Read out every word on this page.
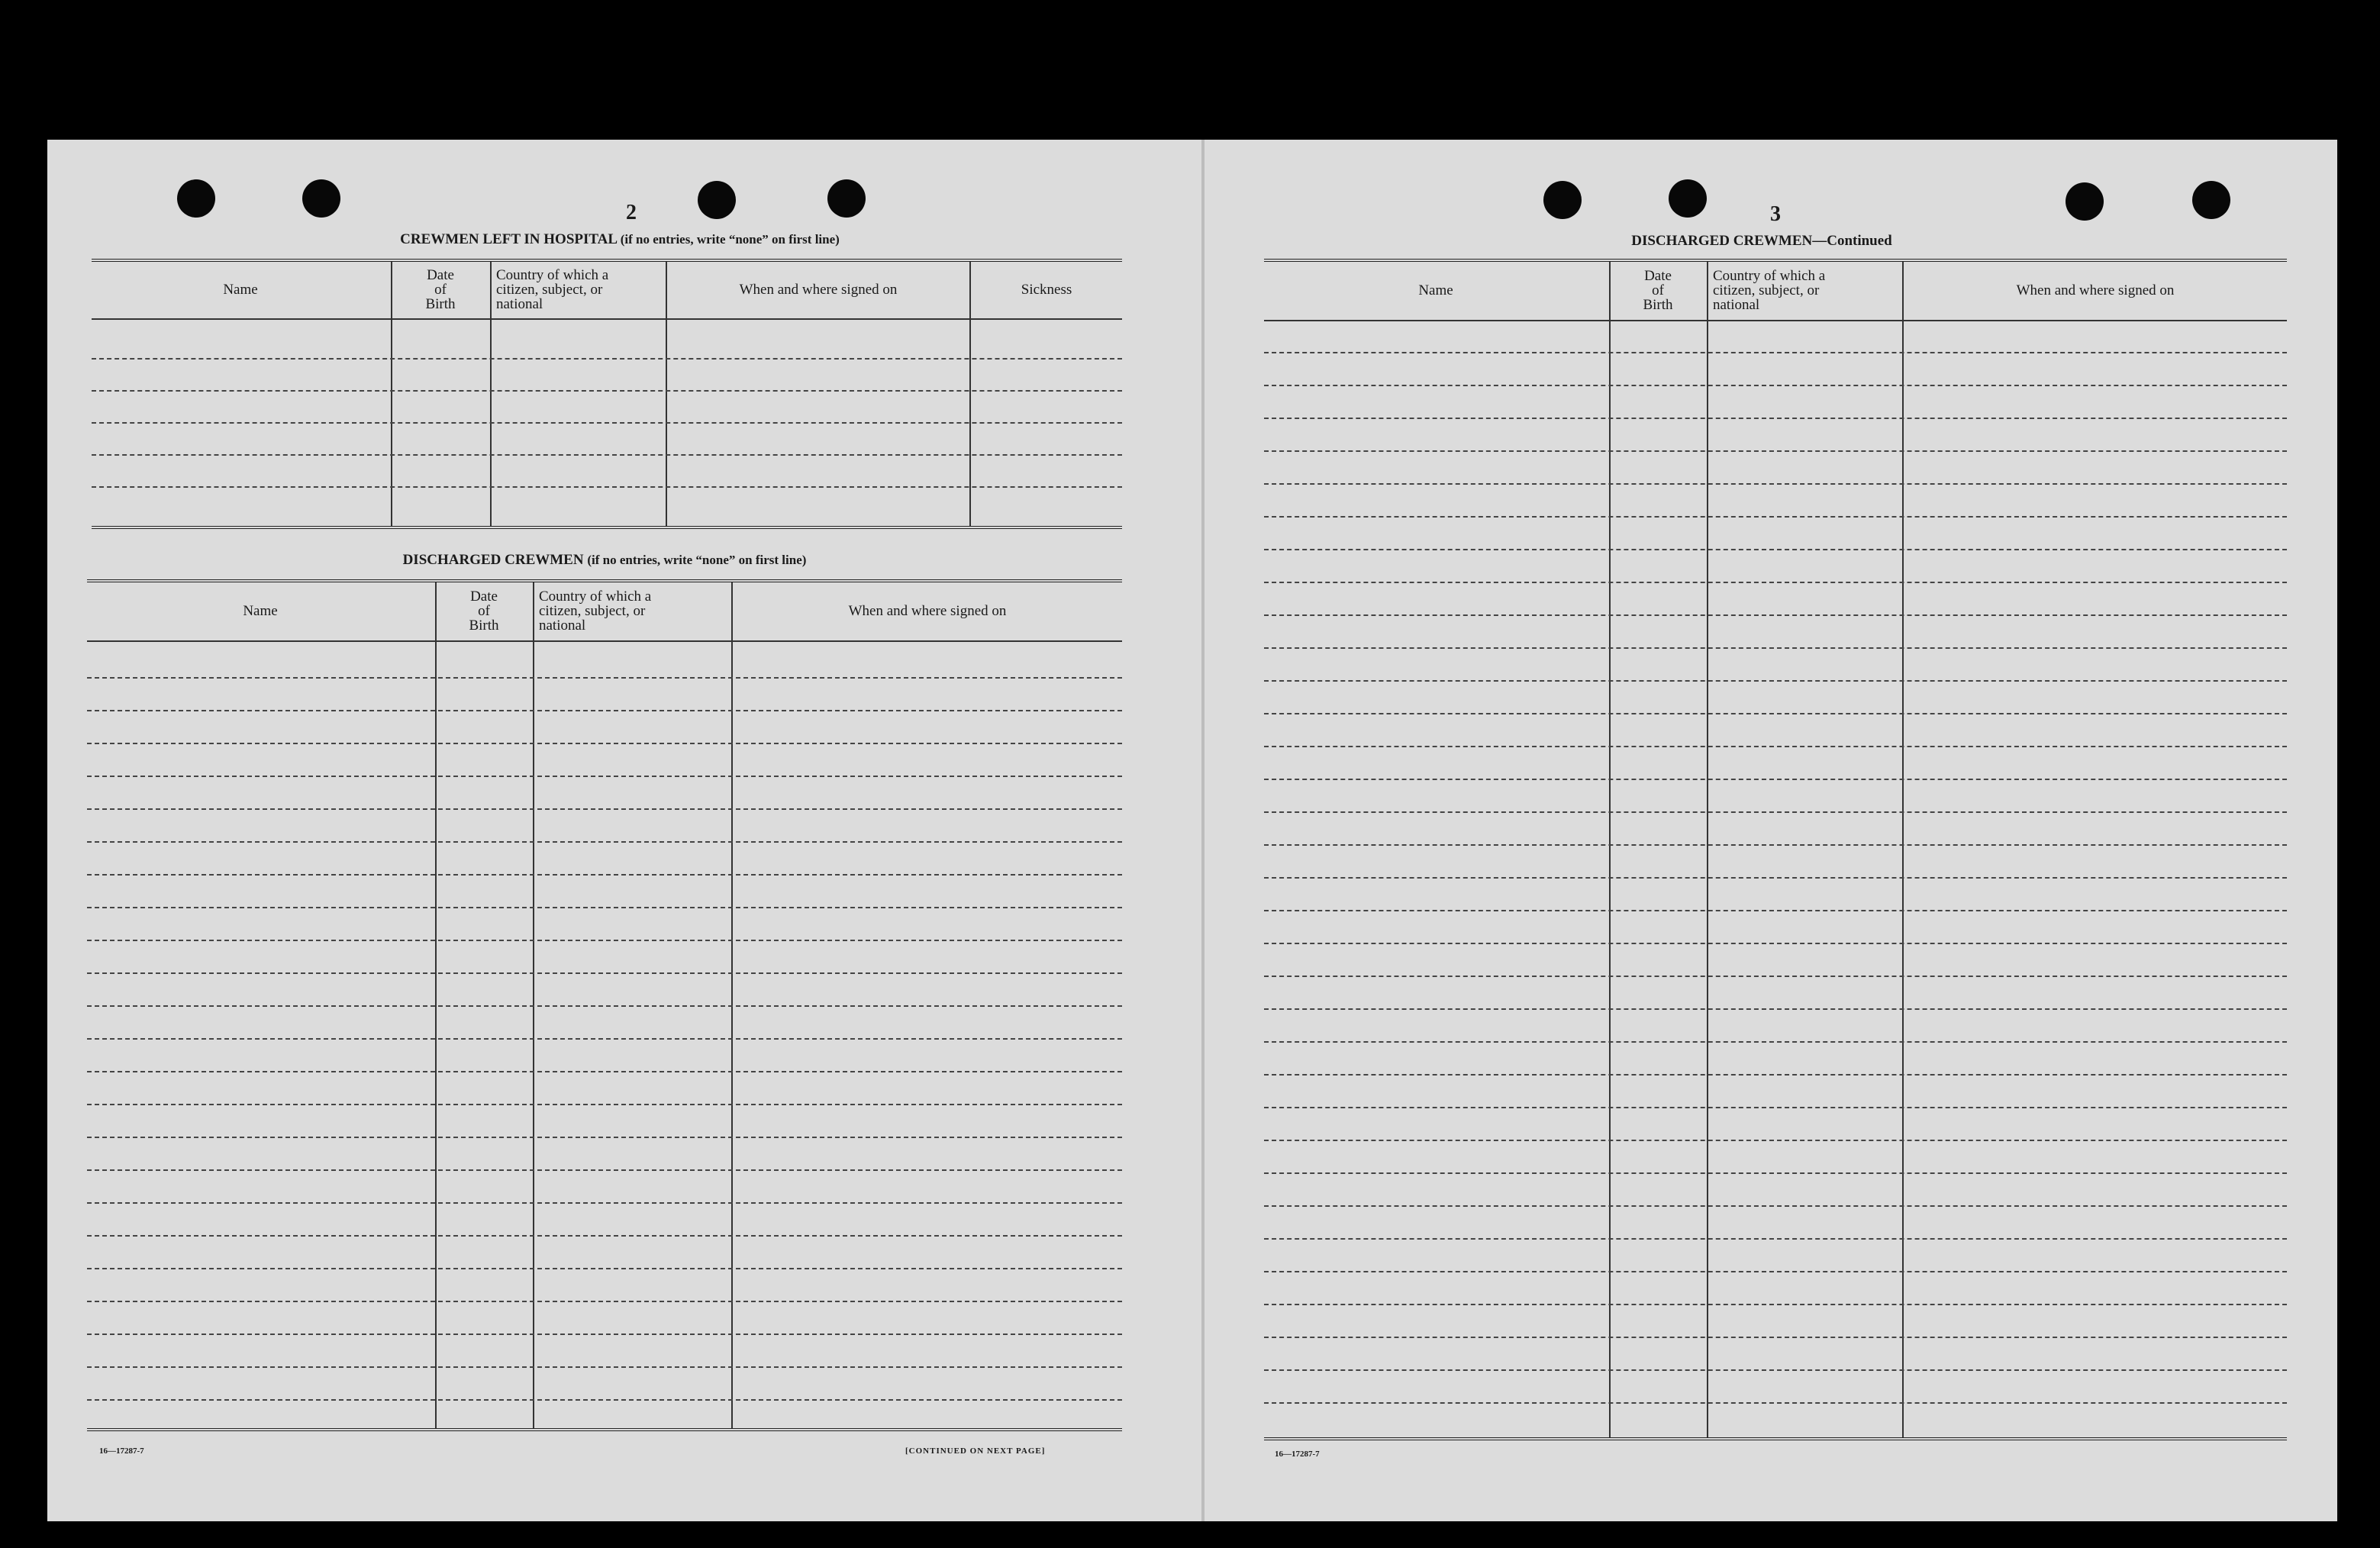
2
CREWMEN LEFT IN HOSPITAL (if no entries, write “none” on first line)
Name
Date
of
Birth
Country of which a
citizen, subject, or
national
When and where signed on	Sickness
DISCHARGED CREWMEN (if no entries, write “none” on first line)
Name
Date
of
Birth
Country of which a
citizen, subject, or
national
When and where signed on
16—17287-7	[CONTINUED ON NEXT PAGE]
3
DISCHARGED CREWMEN—Continued
Name
Date
of
Birth
Country of which a
citizen, subject, or
national
When and where signed on
16—17287-7
